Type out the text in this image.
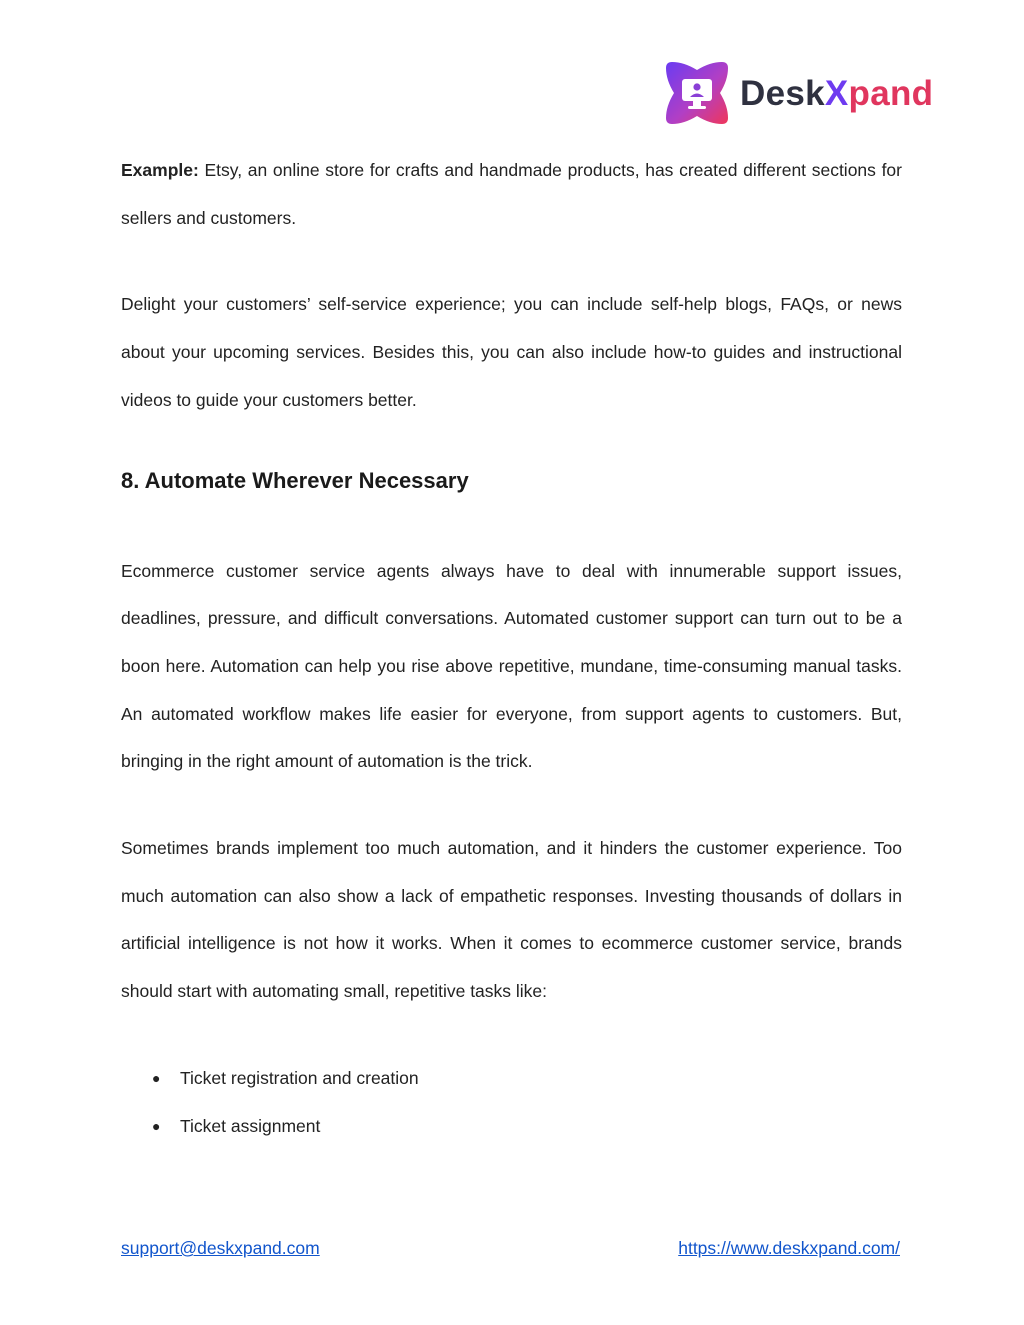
DeskXpand

Example: Etsy, an online store for crafts and handmade products, has created different sections for sellers and customers.

Delight your customers’ self-service experience; you can include self-help blogs, FAQs, or news about your upcoming services. Besides this, you can also include how-to guides and instructional videos to guide your customers better.

8. Automate Wherever Necessary

Ecommerce customer service agents always have to deal with innumerable support issues, deadlines, pressure, and difficult conversations. Automated customer support can turn out to be a boon here. Automation can help you rise above repetitive, mundane, time-consuming manual tasks. An automated workflow makes life easier for everyone, from support agents to customers. But, bringing in the right amount of automation is the trick.

Sometimes brands implement too much automation, and it hinders the customer experience. Too much automation can also show a lack of empathetic responses. Investing thousands of dollars in artificial intelligence is not how it works. When it comes to ecommerce customer service, brands should start with automating small, repetitive tasks like:

● Ticket registration and creation
● Ticket assignment
support@deskxpand.com	https://www.deskxpand.com/
